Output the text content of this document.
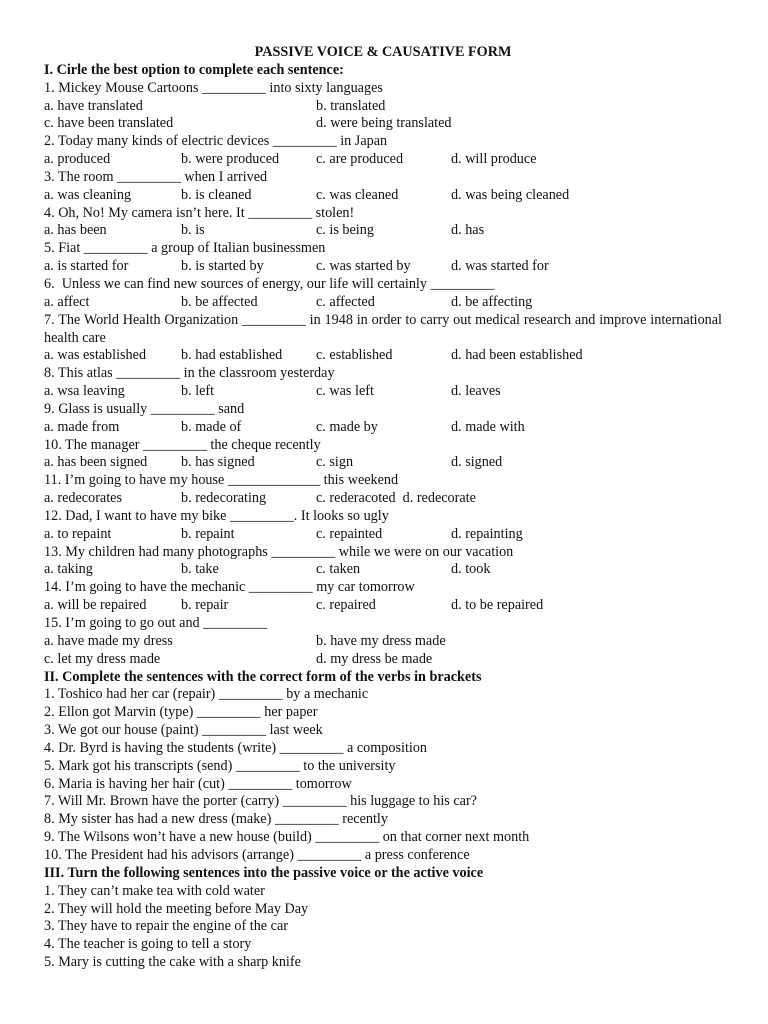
PASSIVE VOICE & CAUSATIVE FORM
I. Cirle the best option to complete each sentence:
1. Mickey Mouse Cartoons _________ into sixty languages
a. have translated	b. translated
c. have been translated	d. were being translated
2. Today many kinds of electric devices _________ in Japan
a. produced	b. were produced	c. are produced	d. will produce
3. The room _________ when I arrived
a. was cleaning	b. is cleaned	c. was cleaned	d. was being cleaned
4. Oh, No! My camera isn’t here. It _________ stolen!
a. has been	b. is	c. is being	d. has
5. Fiat _________ a group of Italian businessmen
a. is started for	b. is started by	c. was started by	d. was started for
6.  Unless we can find new sources of energy, our life will certainly _________
a. affect	b. be affected	c. affected	d. be affecting
7. The World Health Organization _________ in 1948 in order to carry out medical research and improve international health care
a. was established b. had established c. established	d. had been established
8. This atlas _________ in the classroom yesterday
a. wsa leaving	b. left	c. was left	d. leaves
9. Glass is usually _________ sand
a. made from	b. made of	c. made by	d. made with
10. The manager _________ the cheque recently
a. has been signed b. has signed	c. sign	d. signed
11. I’m going to have my house _____________ this weekend
a. redecorates	b. redecorating	c. rederacoted  d. redecorate
12. Dad, I want to have my bike _________. It looks so ugly
a. to repaint	b. repaint	c. repainted	d. repainting
13. My children had many photographs _________ while we were on our vacation
a. taking	b. take	c. taken	d. took
14. I’m going to have the mechanic _________ my car tomorrow
a. will be repaired b. repair	c. repaired	d. to be repaired
15. I’m going to go out and _________
a. have made my dress	b. have my dress made
c. let my dress made	d. my dress be made
II. Complete the sentences with the correct form of the verbs in brackets
1. Toshico had her car (repair) _________ by a mechanic
2. Ellon got Marvin (type) _________ her paper
3. We got our house (paint) _________ last week
4. Dr. Byrd is having the students (write) _________ a composition
5. Mark got his transcripts (send) _________ to the university
6. Maria is having her hair (cut) _________ tomorrow
7. Will Mr. Brown have the porter (carry) _________ his luggage to his car?
8. My sister has had a new dress (make) _________ recently
9. The Wilsons won’t have a new house (build) _________ on that corner next month
10. The President had his advisors (arrange) _________ a press conference
III. Turn the following sentences into the passive voice or the active voice
1. They can’t make tea with cold water
2. They will hold the meeting before May Day
3. They have to repair the engine of the car
4. The teacher is going to tell a story
5. Mary is cutting the cake with a sharp knife
